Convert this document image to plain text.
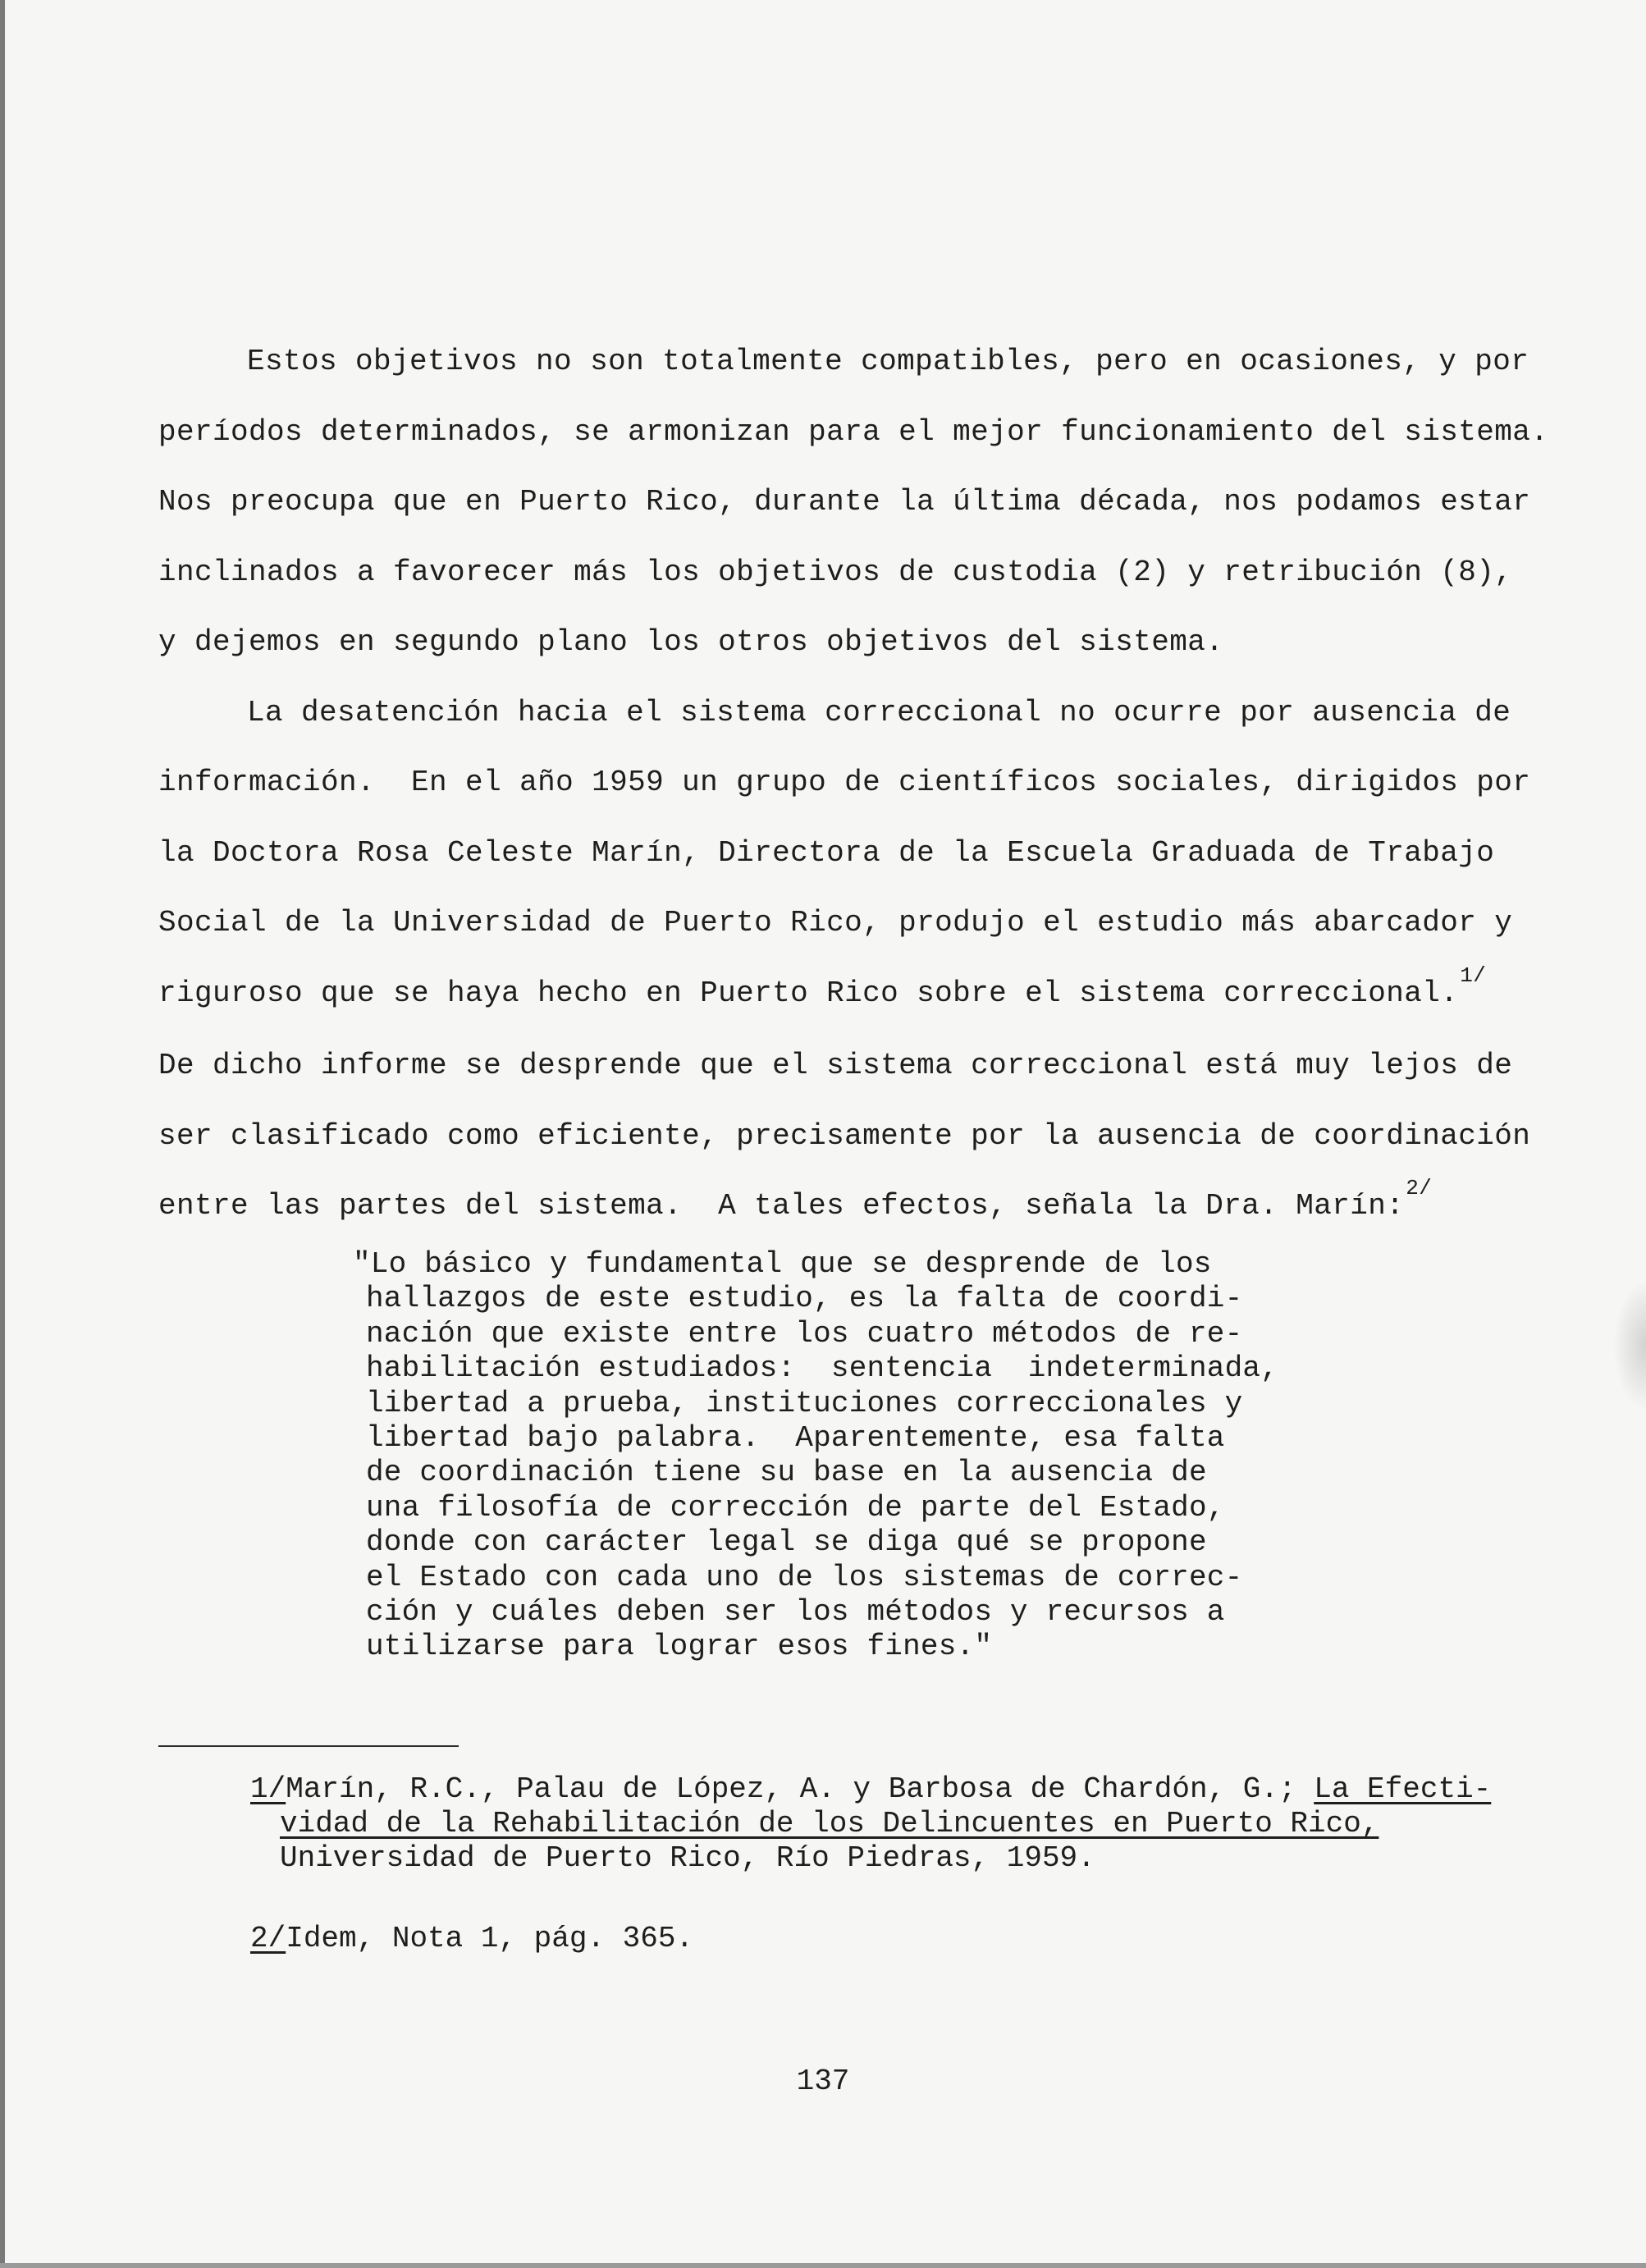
Estos objetivos no son totalmente compatibles, pero en ocasiones, y por
períodos determinados, se armonizan para el mejor funcionamiento del sistema.
Nos preocupa que en Puerto Rico, durante la última década, nos podamos estar
inclinados a favorecer más los objetivos de custodia (2) y retribución (8),
y dejemos en segundo plano los otros objetivos del sistema.

La desatención hacia el sistema correccional no ocurre por ausencia de
información.  En el año 1959 un grupo de científicos sociales, dirigidos por
la Doctora Rosa Celeste Marín, Directora de la Escuela Graduada de Trabajo
Social de la Universidad de Puerto Rico, produjo el estudio más abarcador y
riguroso que se haya hecho en Puerto Rico sobre el sistema correccional.$^{1/}$
De dicho informe se desprende que el sistema correccional está muy lejos de
ser clasificado como eficiente, precisamente por la ausencia de coordinación
entre las partes del sistema.  A tales efectos, señala la Dra. Marín:$^{2/}$

"Lo básico y fundamental que se desprende de los
hallazgos de este estudio, es la falta de coordi-
nación que existe entre los cuatro métodos de re-
habilitación estudiados:  sentencia  indeterminada,
libertad a prueba, instituciones correccionales y
libertad bajo palabra.  Aparentemente, esa falta
de coordinación tiene su base en la ausencia de
una filosofía de corrección de parte del Estado,
donde con carácter legal se diga qué se propone
el Estado con cada uno de los sistemas de correc-
ción y cuáles deben ser los métodos y recursos a
utilizarse para lograr esos fines."
1/Marín, R.C., Palau de López, A. y Barbosa de Chardón, G.; La Efecti-
vidad de la Rehabilitación de los Delincuentes en Puerto Rico,
Universidad de Puerto Rico, Río Piedras, 1959.
2/Idem, Nota 1, pág. 365.
137
